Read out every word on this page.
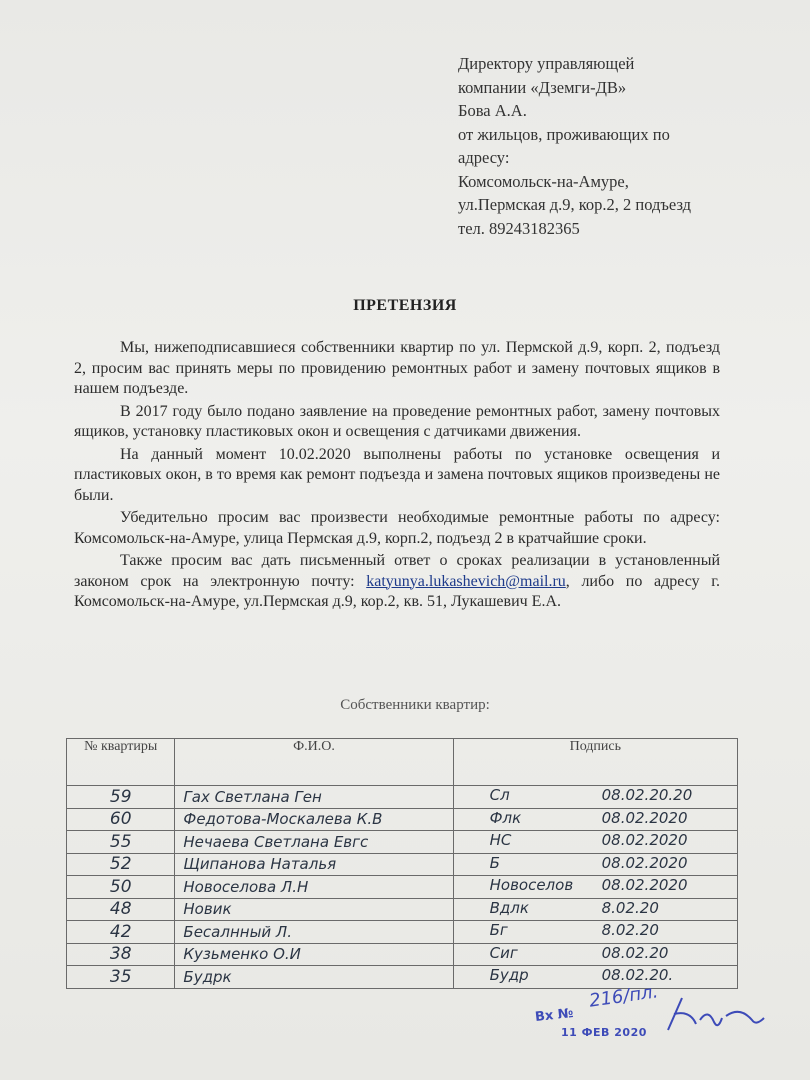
Директору управляющей
компании «Дземги-ДВ»
Бова А.А.
от жильцов, проживающих по
адресу:
Комсомольск-на-Амуре,
ул.Пермская д.9, кор.2, 2 подъезд
тел. 89243182365
ПРЕТЕНЗИЯ

Мы, нижеподписавшиеся собственники квартир по ул. Пермской д.9, корп. 2, подъезд 2, просим вас принять меры по провидению ремонтных работ и замену почтовых ящиков в нашем подъезде.

В 2017 году было подано заявление на проведение ремонтных работ, замену почтовых ящиков, установку пластиковых окон и освещения с датчиками движения.

На данный момент 10.02.2020 выполнены работы по установке освещения и пластиковых окон, в то время как ремонт подъезда и замена почтовых ящиков произведены не были.

Убедительно просим вас произвести необходимые ремонтные работы по адресу: Комсомольск-на-Амуре, улица Пермская д.9, корп.2, подъезд 2 в кратчайшие сроки.

Также просим вас дать письменный ответ о сроках реализации в установленный законом срок на электронную почту: katyunya.lukashevich@mail.ru, либо по адресу г. Комсомольск-на-Амуре, ул.Пермская д.9, кор.2, кв. 51, Лукашевич Е.А.

Собственники квартир:
№ квартиры	Ф.И.О.	Подпись
59	Гах Светлана Ген	Сл 08.02.20.20

60	Федотова-Москалева К.В	Флк 08.02.2020

55	Нечаева Светлана Евгс	НС 08.02.2020

52	Щипанова Наталья	Б 08.02.2020

50	Новоселова Л.Н	Новоселов 08.02.2020

48	Новик	Вдлк 8.02.20

42	Бесалнный Л.	Бг 8.02.20

38	Кузьменко О.И	Сиг 08.02.20

35	Будрк	Будр 08.02.20.
Вх №
216/пл.
11 ФЕВ 2020
